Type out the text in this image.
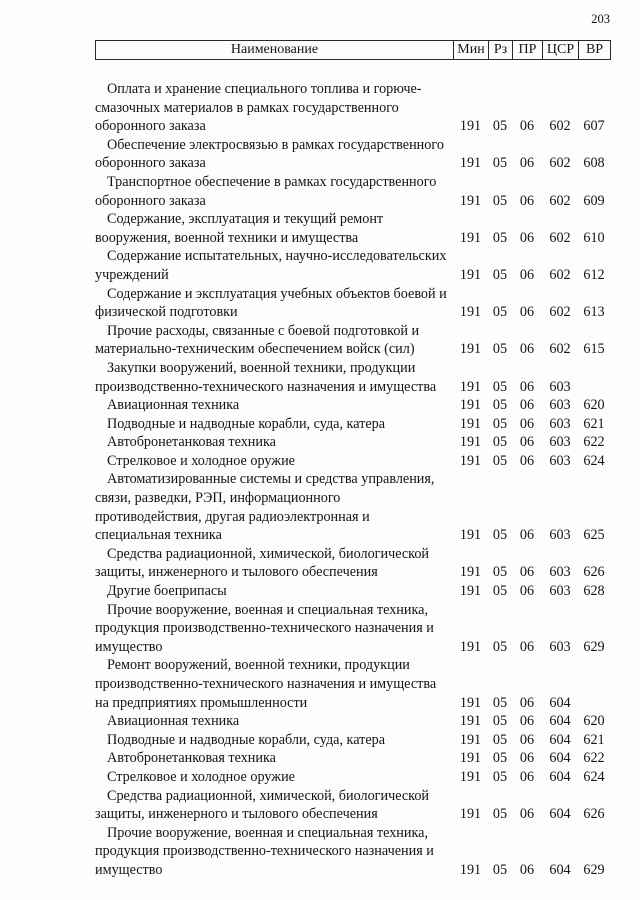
203
Наименование	Мин Рз ПР ЦСР ВР
Оплата и хранение специального топлива и горюче-смазочных материалов в рамках государственного оборонного заказа	191 05 06	602 607
Обеспечение электросвязью в рамках государственного оборонного заказа	191 05 06	602 608
Транспортное обеспечение в рамках государственного оборонного заказа	191 05 06	602 609
Содержание, эксплуатация и текущий ремонт вооружения, военной техники и имущества	191 05 06	602 610
Содержание испытательных, научно-исследовательских учреждений	191 05 06	602 612
Содержание и эксплуатация учебных объектов боевой и физической подготовки	191 05 06	602 613
Прочие расходы, связанные с боевой подготовкой и материально-техническим обеспечением войск (сил)	191 05 06	602 615
Закупки вооружений, военной техники, продукции производственно-технического назначения и имущества	191 05 06	603
Авиационная техника	191 05 06	603 620
Подводные и надводные корабли, суда, катера	191 05 06	603 621
Автобронетанковая техника	191 05 06	603 622
Стрелковое и холодное оружие	191 05 06	603 624
Автоматизированные системы и средства управления, связи, разведки, РЭП, информационного противодействия, другая радиоэлектронная и специальная техника	191 05 06	603 625
Средства радиационной, химической, биологической защиты, инженерного и тылового обеспечения	191 05 06	603 626
Другие боеприпасы	191 05 06	603 628
Прочие вооружение, военная и специальная техника, продукция производственно-технического назначения и имущество	191 05 06	603 629
Ремонт вооружений, военной техники, продукции производственно-технического назначения и имущества на предприятиях промышленности	191 05 06	604
Авиационная техника	191 05 06	604 620
Подводные и надводные корабли, суда, катера	191 05 06	604 621
Автобронетанковая техника	191 05 06	604 622
Стрелковое и холодное оружие	191 05 06	604 624
Средства радиационной, химической, биологической защиты, инженерного и тылового обеспечения	191 05 06	604 626
Прочие вооружение, военная и специальная техника, продукция производственно-технического назначения и имущество	191 05 06	604 629
